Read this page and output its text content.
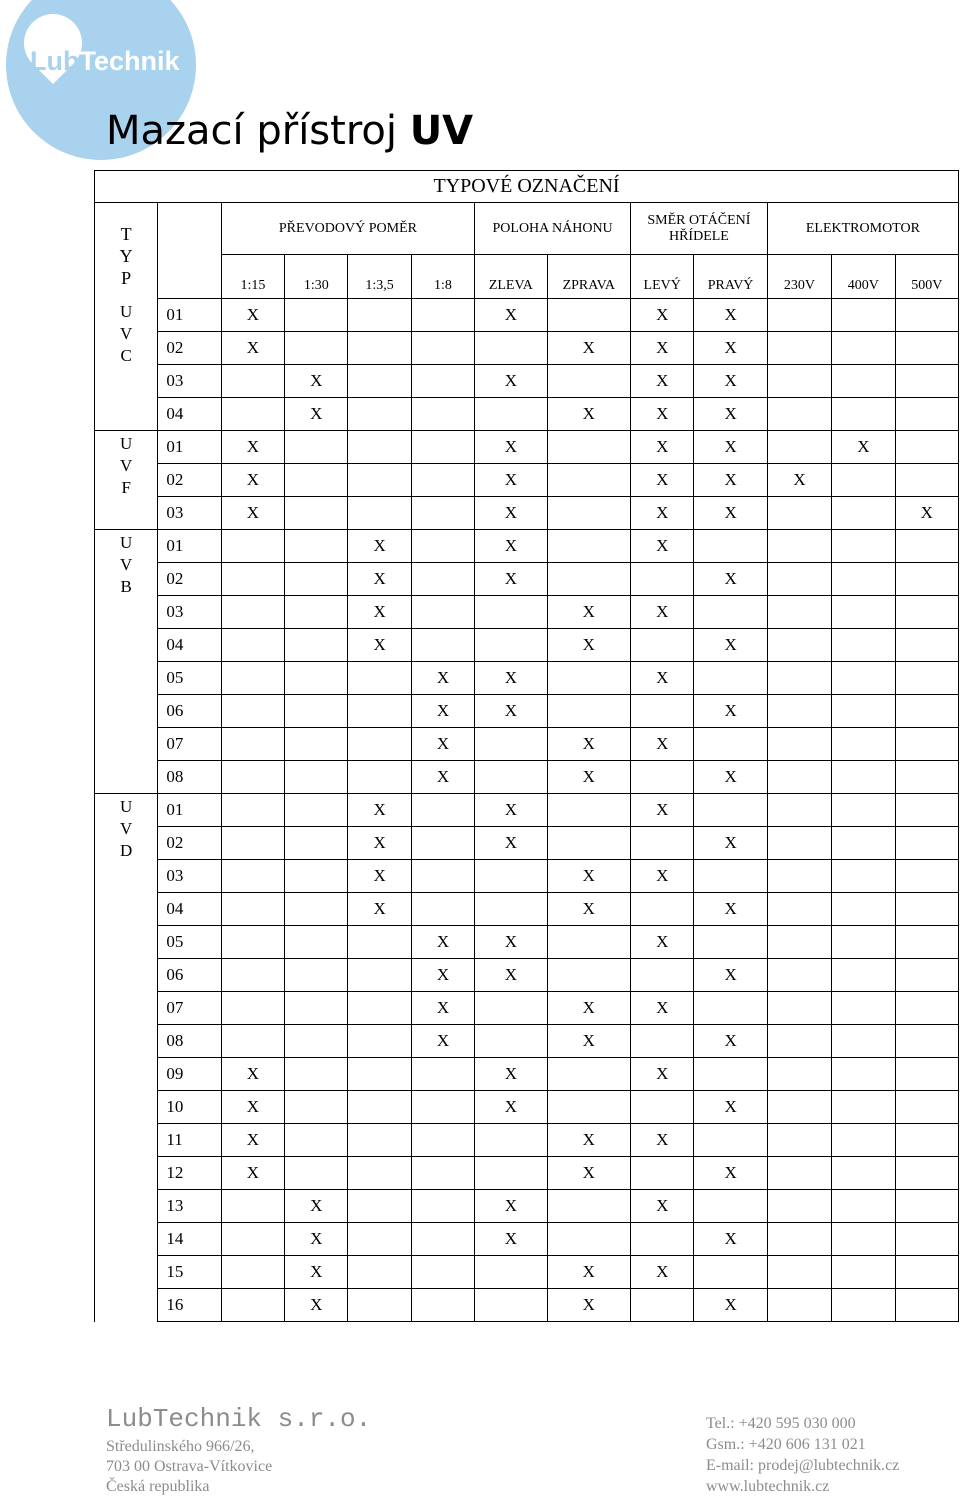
LubTechnik
Mazací přístroj UV
TYPOVÉ OZNAČENÍ												

T
Y
P		PŘEVODOVÝ POMĚR				POLOHA NÁHONU		SMĚR OTÁČENÍ HŘÍDELE		ELEKTROMOTOR		
		1:15	1:30	1:3,5	1:8	ZLEVA	ZPRAVA	LEVÝ	PRAVÝ	230V	400V	500V

U
V
C	01	X				X		X	X			
	02	X					X	X	X			
	03		X			X		X	X			
	04		X				X	X	X			

U
V
F	01	X				X		X	X		X	
	02	X				X		X	X	X		
	03	X				X		X	X			X

U
V
B	01			X		X		X				
	02			X		X			X			
	03			X			X	X				
	04			X			X		X			
	05				X	X		X				
	06				X	X			X			
	07				X		X	X				
	08				X		X		X			

U
V
D	01			X		X		X				
	02			X		X			X			
	03			X			X	X				
	04			X			X		X			
	05				X	X		X				
	06				X	X			X			
	07				X		X	X				
	08				X		X		X			
	09	X				X		X				
	10	X				X			X			
	11	X					X	X				
	12	X					X		X			
	13		X			X		X				
	14		X			X			X			
	15		X				X	X				
	16		X				X		X			
LubTechnik s.r.o.
Středulinského 966/26,
703 00 Ostrava-Vítkovice
Česká republika
Tel.: +420 595 030 000
Gsm.: +420 606 131 021
E-mail: prodej@lubtechnik.cz
www.lubtechnik.cz
